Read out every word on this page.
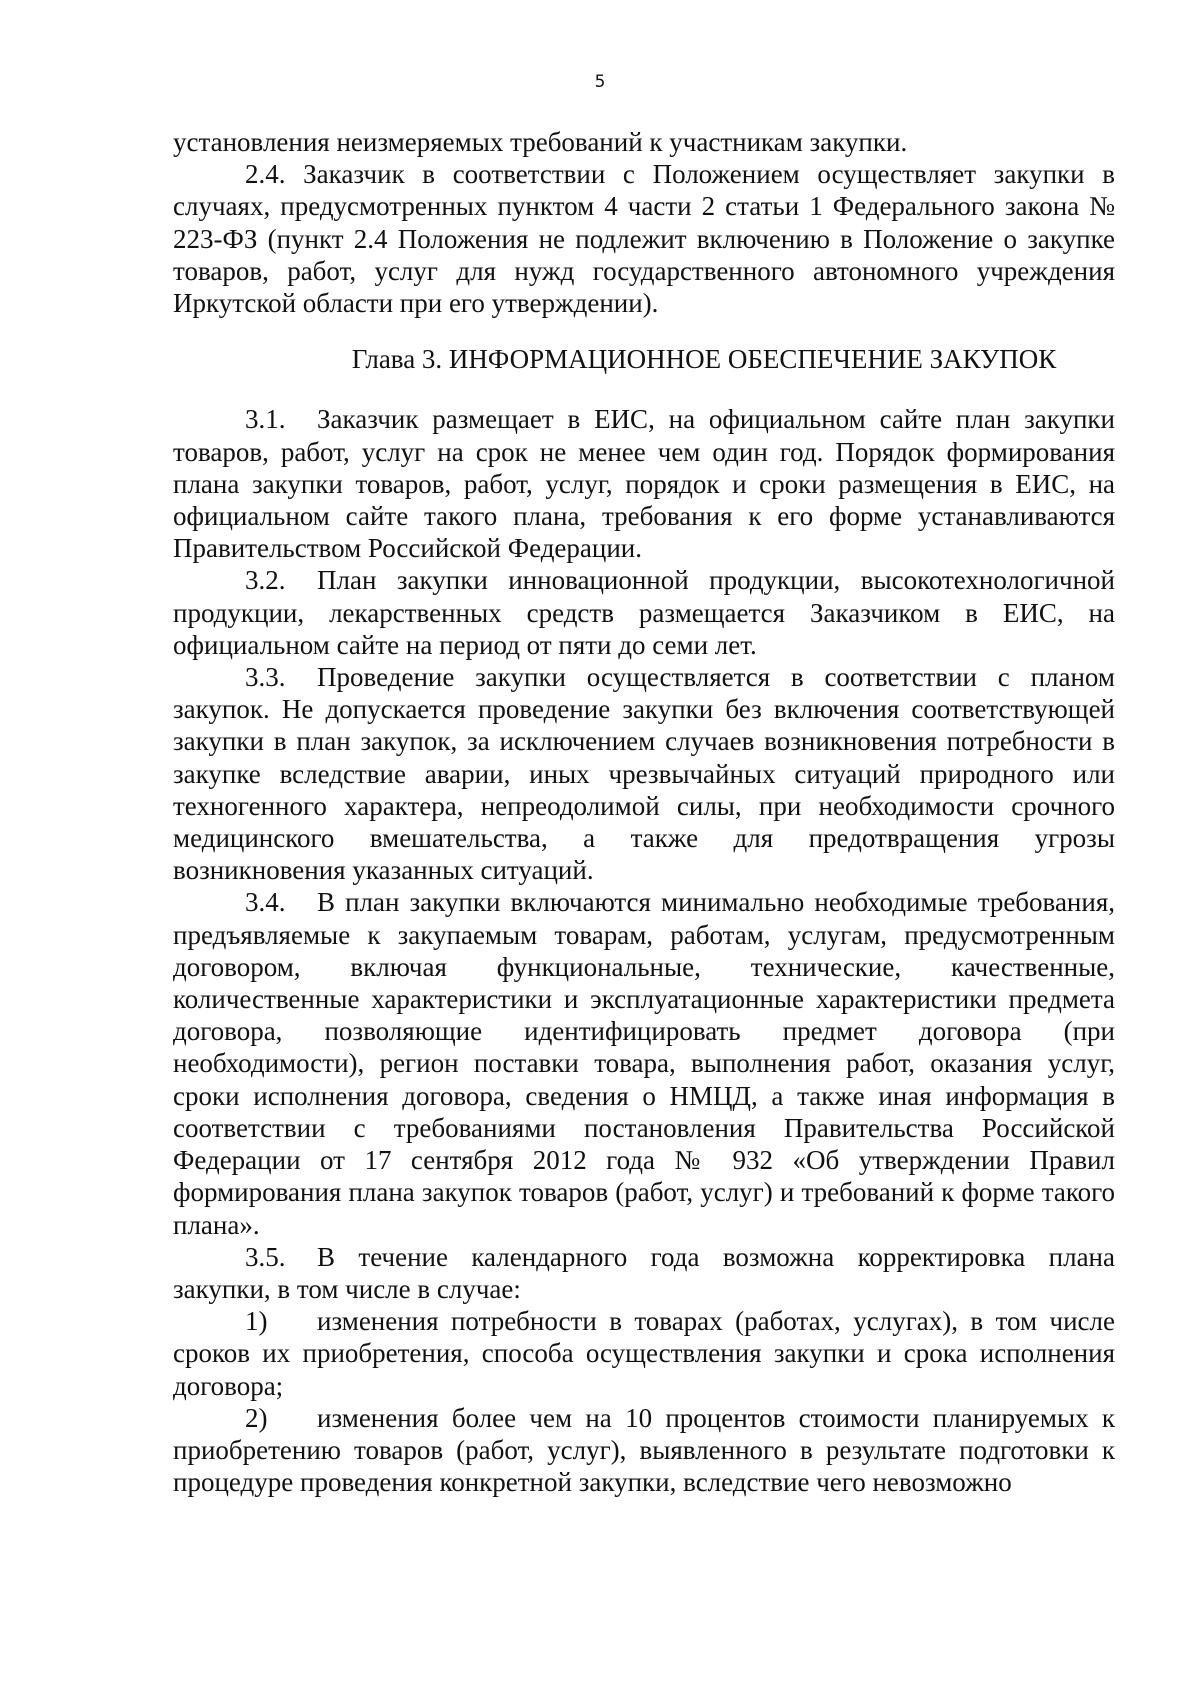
5

установления неизмеряемых требований к участникам закупки.

2.4. Заказчик в соответствии с Положением осуществляет закупки в случаях, предусмотренных пунктом 4 части 2 статьи 1 Федерального закона № 223-ФЗ (пункт 2.4 Положения не подлежит включению в Положение о закупке товаров, работ, услуг для нужд государственного автономного учреждения Иркутской области при его утверждении).

Глава 3. ИНФОРМАЦИОННОЕ ОБЕСПЕЧЕНИЕ ЗАКУПОК

3.1. Заказчик размещает в ЕИС, на официальном сайте план закупки товаров, работ, услуг на срок не менее чем один год. Порядок формирования плана закупки товаров, работ, услуг, порядок и сроки размещения в ЕИС, на официальном сайте такого плана, требования к его форме устанавливаются Правительством Российской Федерации.

3.2. План закупки инновационной продукции, высокотехнологичной продукции, лекарственных средств размещается Заказчиком в ЕИС, на официальном сайте на период от пяти до семи лет.

3.3. Проведение закупки осуществляется в соответствии с планом закупок. Не допускается проведение закупки без включения соответствующей закупки в план закупок, за исключением случаев возникновения потребности в закупке вследствие аварии, иных чрезвычайных ситуаций природного или техногенного характера, непреодолимой силы, при необходимости срочного медицинского вмешательства, а также для предотвращения угрозы возникновения указанных ситуаций.

3.4. В план закупки включаются минимально необходимые требования, предъявляемые к закупаемым товарам, работам, услугам, предусмотренным договором, включая функциональные, технические, качественные, количественные характеристики и эксплуатационные характеристики предмета договора, позволяющие идентифицировать предмет договора (при необходимости), регион поставки товара, выполнения работ, оказания услуг, сроки исполнения договора, сведения о НМЦД, а также иная информация в соответствии с требованиями постановления Правительства Российской Федерации от 17 сентября 2012 года № 932 «Об утверждении Правил формирования плана закупок товаров (работ, услуг) и требований к форме такого плана».

3.5. В течение календарного года возможна корректировка плана закупки, в том числе в случае:

1) изменения потребности в товарах (работах, услугах), в том числе сроков их приобретения, способа осуществления закупки и срока исполнения договора;

2) изменения более чем на 10 процентов стоимости планируемых к приобретению товаров (работ, услуг), выявленного в результате подготовки к процедуре проведения конкретной закупки, вследствие чего невозможно
